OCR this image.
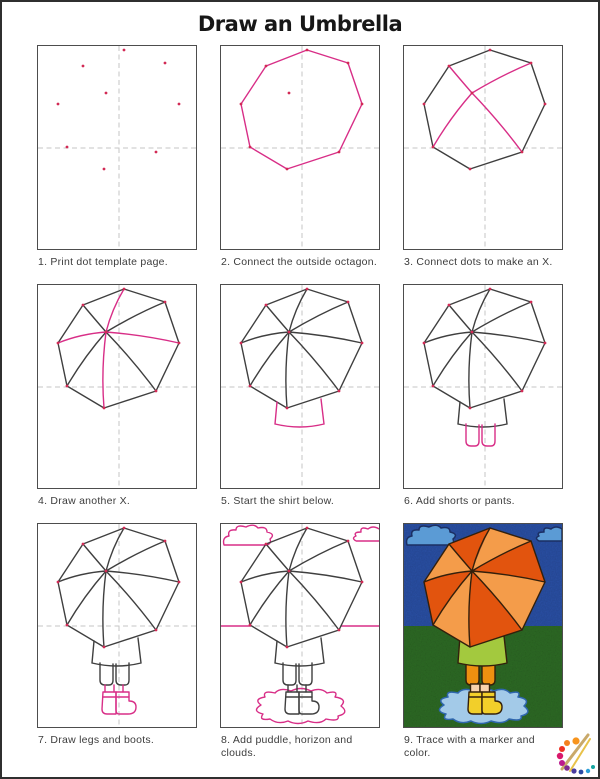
Draw an Umbrella
1. Print dot template page.	2. Connect the outside octagon.	3. Connect dots to make an X.
4. Draw another X.	5. Start the shirt below.	6. Add shorts or pants.
7. Draw legs and boots.	8. Add puddle, horizon and clouds.
9. Trace with a marker and color.
